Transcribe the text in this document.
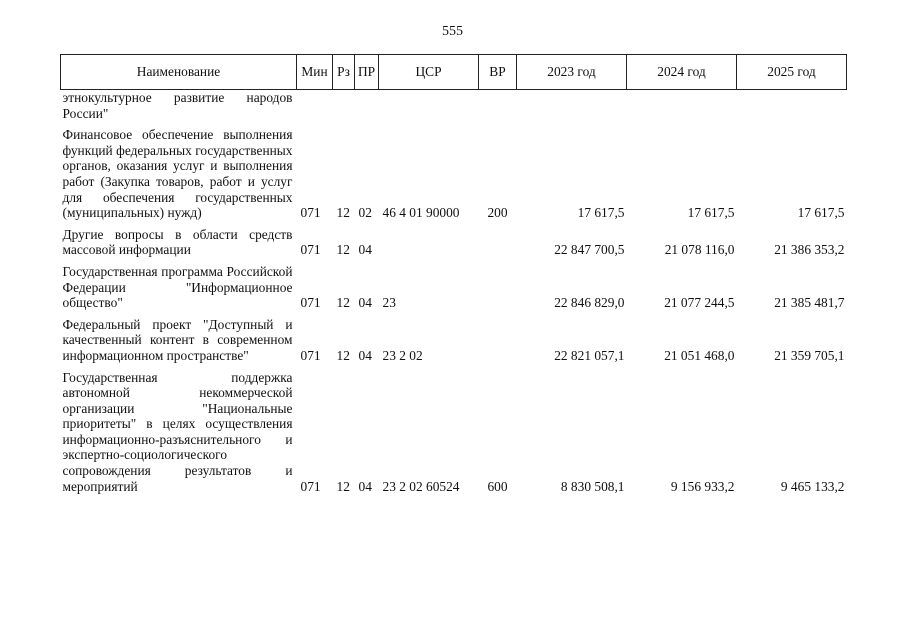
555
Наименование	Мин	Рз	ПР	ЦСР	ВР	2023 год	2024 год	2025 год
этнокультурное развитие народов России"								

Финансовое обеспечение выполнения функций федеральных государственных органов, оказания услуг и выполнения работ (Закупка товаров, работ и услуг для обеспечения государственных (муниципальных) нужд)	071	12	02	46 4 01 90000	200	17 617,5	17 617,5	17 617,5

Другие вопросы в области средств массовой информации	071	12	04			22 847 700,5	21 078 116,0	21 386 353,2

Государственная программа Российской Федерации "Информационное общество"	071	12	04	23		22 846 829,0	21 077 244,5	21 385 481,7

Федеральный проект "Доступный и качественный контент в современном информационном пространстве"	071	12	04	23 2 02		22 821 057,1	21 051 468,0	21 359 705,1

Государственная поддержка автономной некоммерческой организации "Национальные приоритеты" в целях осуществления информационно-разъяснительного и экспертно-социологического сопровождения результатов и мероприятий	071	12	04	23 2 02 60524	600	8 830 508,1	9 156 933,2	9 465 133,2
